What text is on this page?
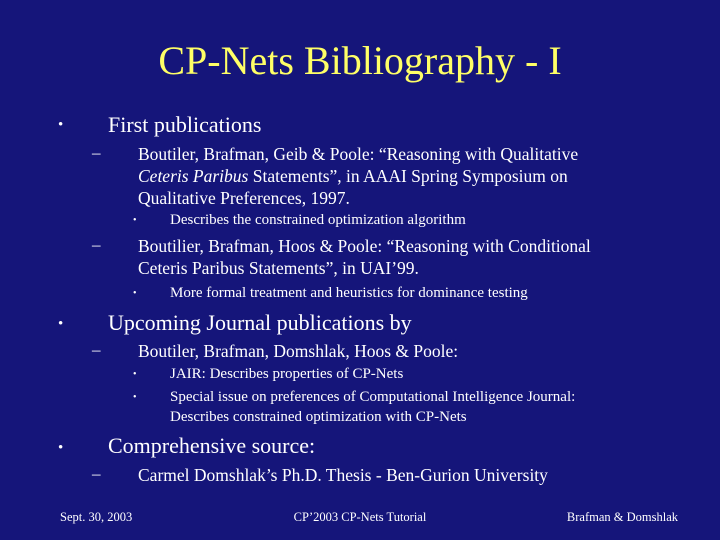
CP-Nets Bibliography - I
• First publications
– Boutiler, Brafman, Geib & Poole: “Reasoning with Qualitative
Ceteris Paribus Statements”, in AAAI Spring Symposium on
Qualitative Preferences, 1997.
• Describes the constrained optimization algorithm
– Boutilier, Brafman, Hoos & Poole: “Reasoning with Conditional
Ceteris Paribus Statements”, in UAI’99.
• More formal treatment and heuristics for dominance testing
• Upcoming Journal publications by
– Boutiler, Brafman, Domshlak, Hoos & Poole:
• JAIR: Describes properties of CP-Nets
• Special issue on preferences of Computational Intelligence Journal:
Describes constrained optimization with CP-Nets
• Comprehensive source:
– Carmel Domshlak’s Ph.D. Thesis - Ben-Gurion University
Sept. 30, 2003	CP’2003 CP-Nets Tutorial	Brafman & Domshlak
